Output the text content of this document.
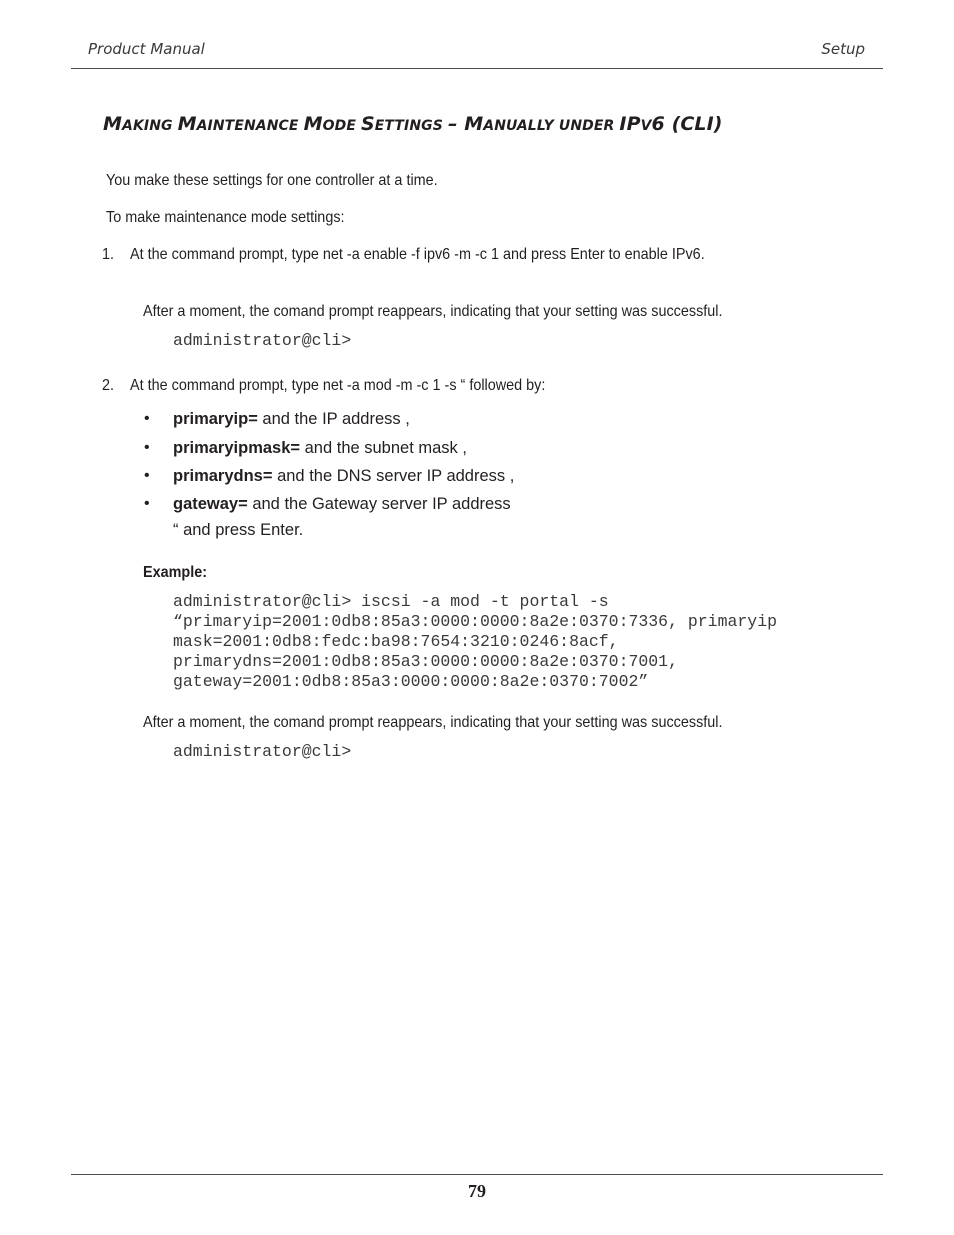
Product Manual	Setup
MAKING MAINTENANCE MODE SETTINGS – MANUALLY UNDER IPV6 (CLI)

You make these settings for one controller at a time.

To make maintenance mode settings:

1. At the command prompt, type net -a enable -f ipv6 -m -c 1 and press Enter to enable IPv6.

After a moment, the comand prompt reappears, indicating that your setting was successful.

administrator@cli>
2. At the command prompt, type net -a mod -m -c 1 -s “ followed by:

• primaryip= and the IP address ,

• primaryipmask= and the subnet mask ,

• primarydns= and the DNS server IP address ,

• gateway= and the Gateway server IP address

“ and press Enter.

Example:

administrator@cli> iscsi -a mod -t portal -s
“primaryip=2001:0db8:85a3:0000:0000:8a2e:0370:7336, primaryip
mask=2001:0db8:fedc:ba98:7654:3210:0246:8acf,
primarydns=2001:0db8:85a3:0000:0000:8a2e:0370:7001,
gateway=2001:0db8:85a3:0000:0000:8a2e:0370:7002”

After a moment, the comand prompt reappears, indicating that your setting was successful.

administrator@cli>
79
